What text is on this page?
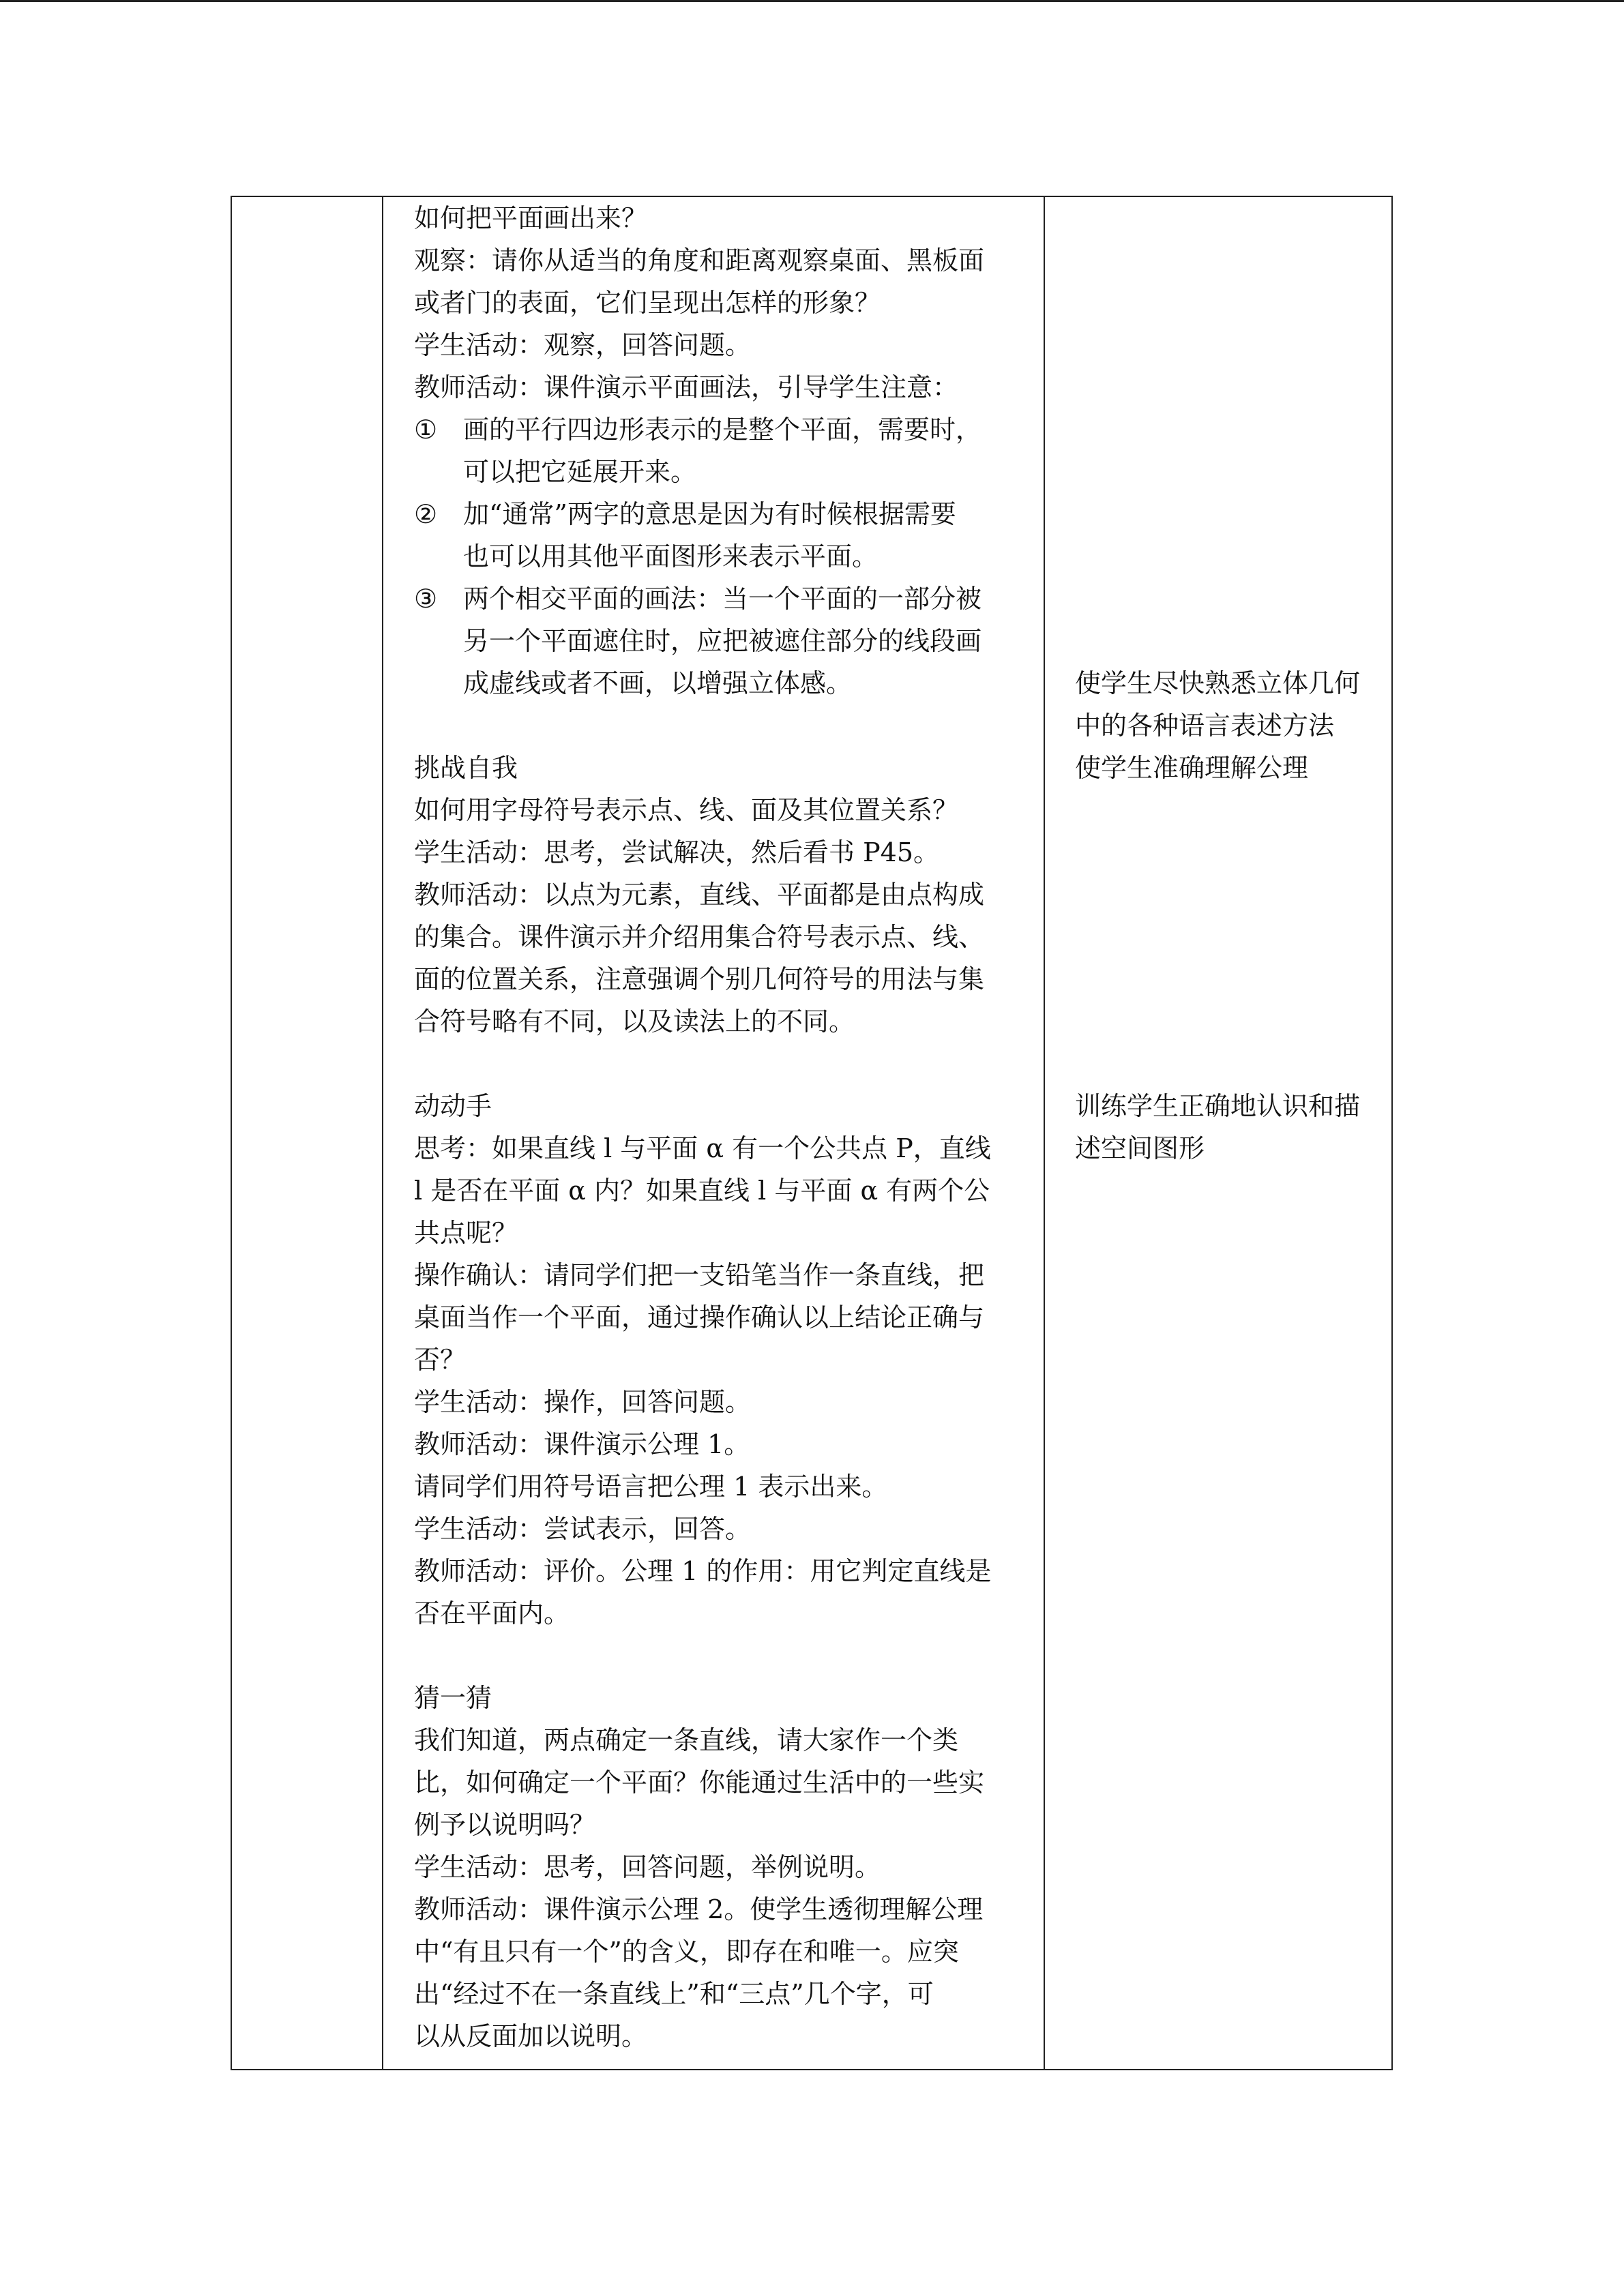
如何把平面画出来？
观察：请你从适当的角度和距离观察桌面、黑板面
或者门的表面，它们呈现出怎样的形象？
学生活动：观察，回答问题。
教师活动：课件演示平面画法，引导学生注意：
① 画的平行四边形表示的是整个平面，需要时，
可以把它延展开来。
② 加“通常”两字的意思是因为有时候根据需要
也可以用其他平面图形来表示平面。
③ 两个相交平面的画法：当一个平面的一部分被
另一个平面遮住时，应把被遮住部分的线段画
成虚线或者不画，以增强立体感。
挑战自我
如何用字母符号表示点、线、面及其位置关系？
学生活动：思考，尝试解决，然后看书 P45。
教师活动：以点为元素，直线、平面都是由点构成
的集合。课件演示并介绍用集合符号表示点、线、
面的位置关系，注意强调个别几何符号的用法与集
合符号略有不同，以及读法上的不同。
动动手
思考：如果直线 l 与平面 α 有一个公共点 P，直线
l 是否在平面 α 内？如果直线 l 与平面 α 有两个公
共点呢？
操作确认：请同学们把一支铅笔当作一条直线，把
桌面当作一个平面，通过操作确认以上结论正确与
否？
学生活动：操作，回答问题。
教师活动：课件演示公理 1。
请同学们用符号语言把公理 1 表示出来。
学生活动：尝试表示，回答。
教师活动：评价。公理 1 的作用：用它判定直线是
否在平面内。
猜一猜
我们知道，两点确定一条直线，请大家作一个类
比，如何确定一个平面？你能通过生活中的一些实
例予以说明吗？
学生活动：思考，回答问题，举例说明。
教师活动：课件演示公理 2。使学生透彻理解公理
中“有且只有一个”的含义，即存在和唯一。应突
出“经过不在一条直线上”和“三点”几个字，可
以从反面加以说明。
使学生尽快熟悉立体几何
中的各种语言表述方法
使学生准确理解公理
训练学生正确地认识和描
述空间图形
